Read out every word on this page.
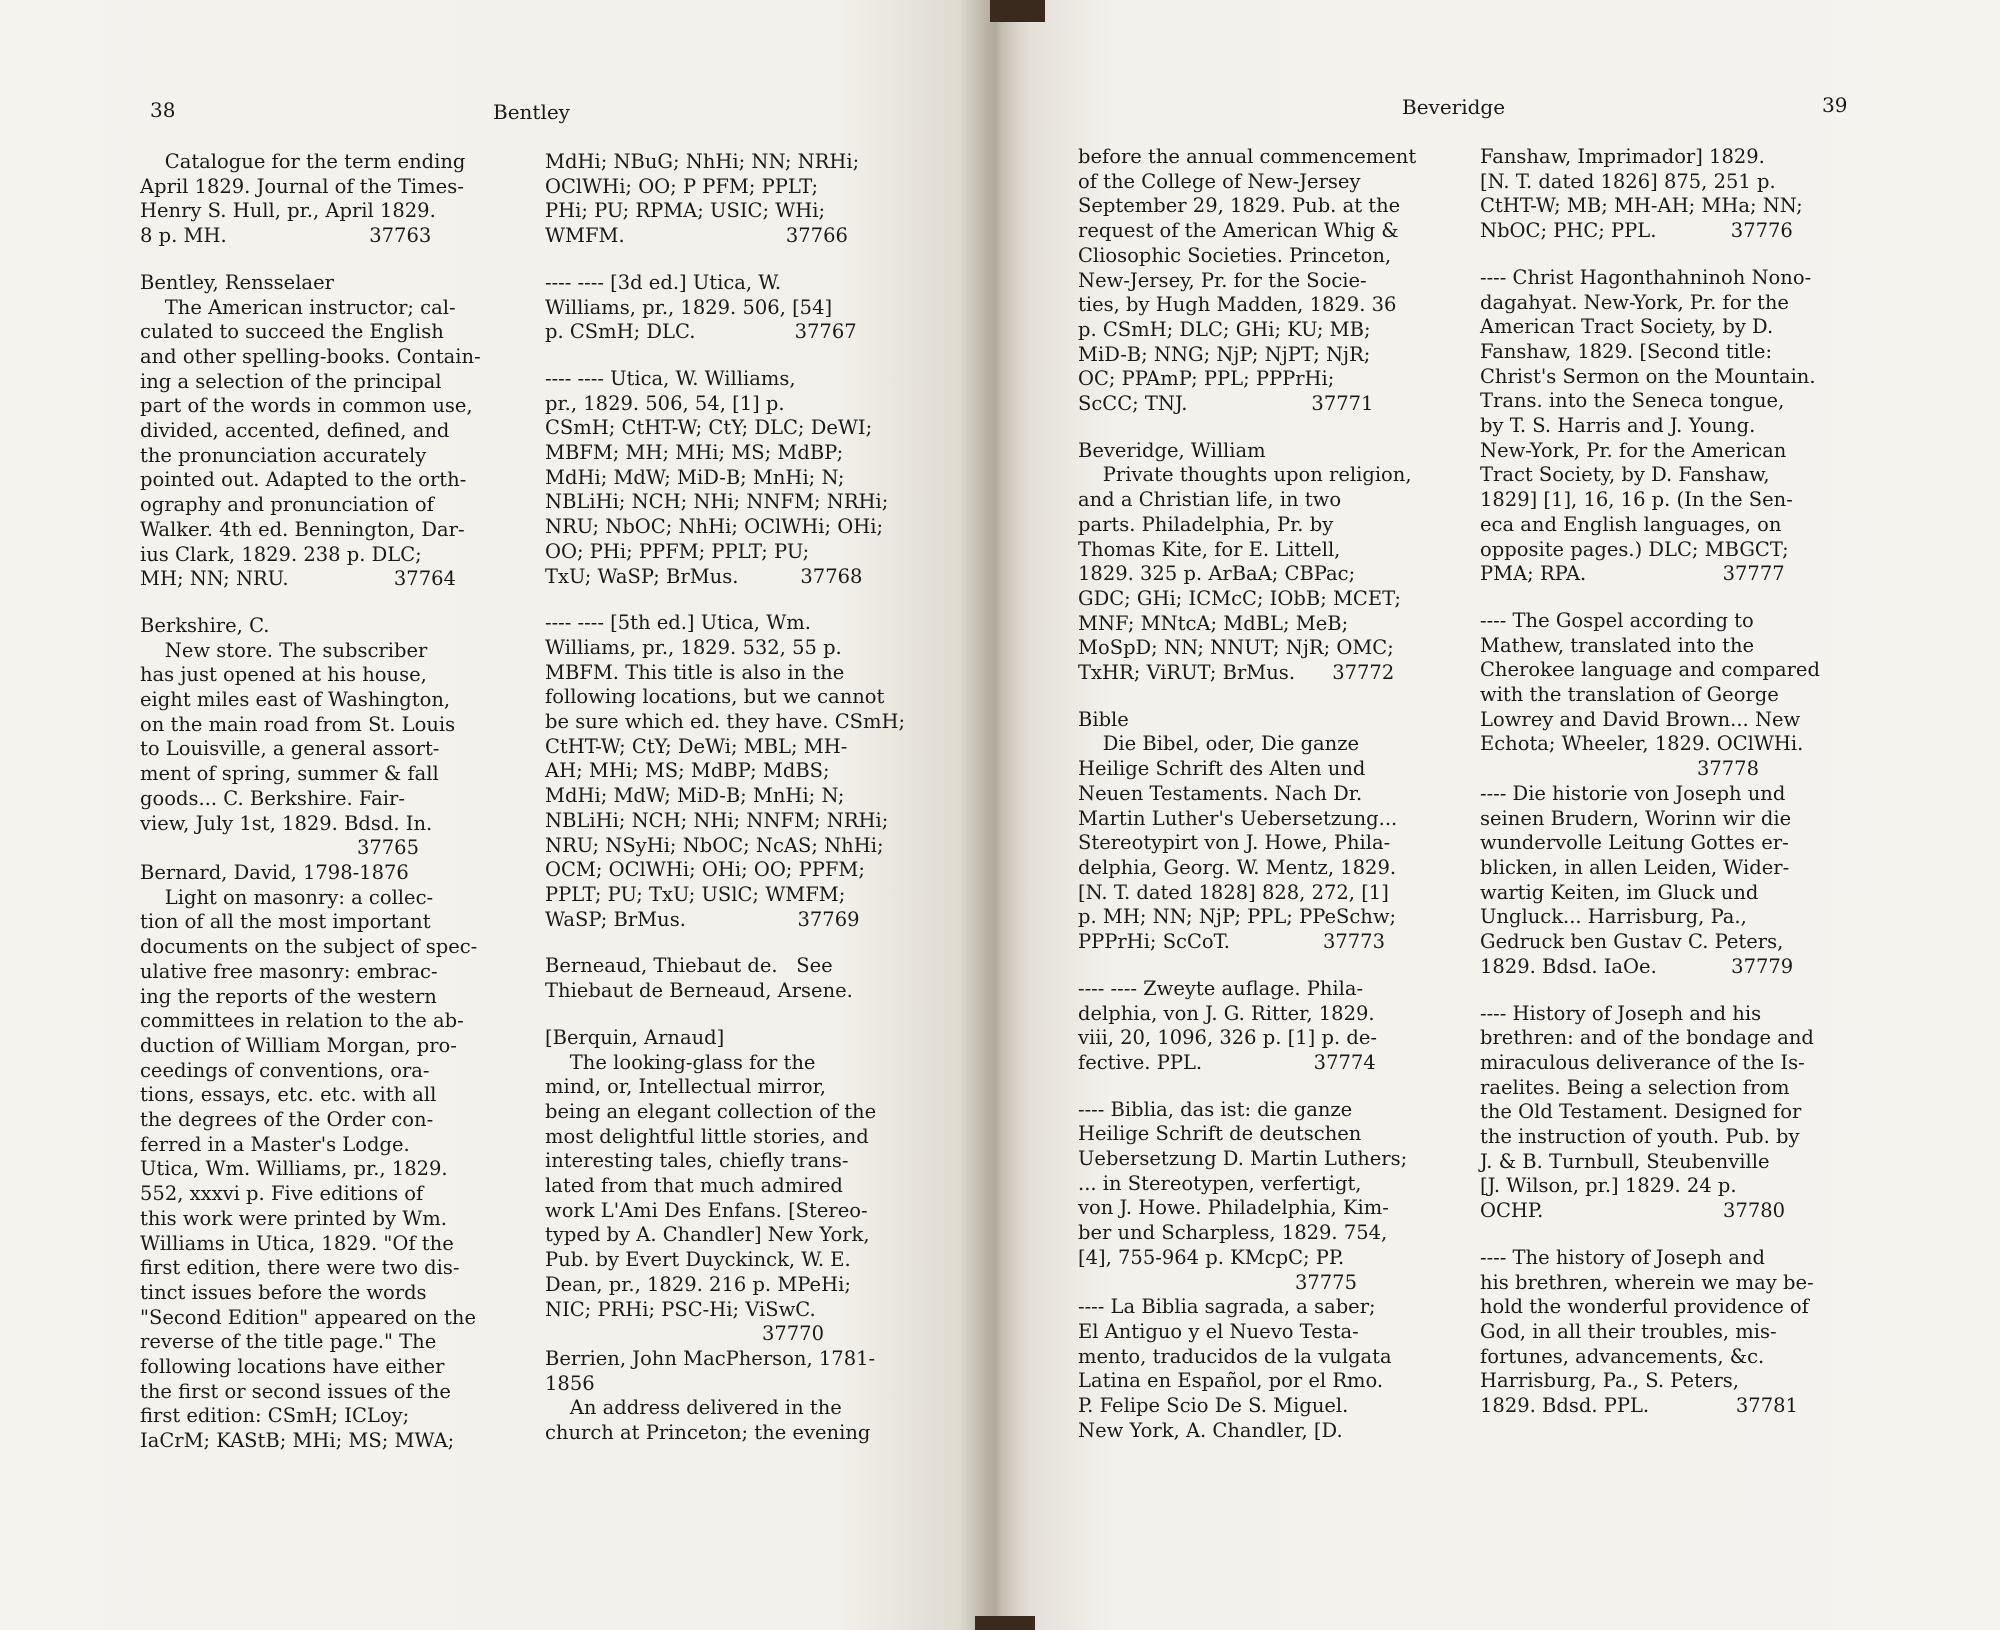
38	Bentley
Catalogue for the term ending
April 1829. Journal of the Times-
Henry S. Hull, pr., April 1829.
8 p. MH.                       37763
Bentley, Rensselaer
The American instructor; cal-
culated to succeed the English
and other spelling-books. Contain-
ing a selection of the principal
part of the words in common use,
divided, accented, defined, and
the pronunciation accurately
pointed out. Adapted to the orth-
ography and pronunciation of
Walker. 4th ed. Bennington, Dar-
ius Clark, 1829. 238 p. DLC;
MH; NN; NRU.                 37764
Berkshire, C.
New store. The subscriber
has just opened at his house,
eight miles east of Washington,
on the main road from St. Louis
to Louisville, a general assort-
ment of spring, summer & fall
goods... C. Berkshire. Fair-
view, July 1st, 1829. Bdsd. In.
37765
Bernard, David, 1798-1876
Light on masonry: a collec-
tion of all the most important
documents on the subject of spec-
ulative free masonry: embrac-
ing the reports of the western
committees in relation to the ab-
duction of William Morgan, pro-
ceedings of conventions, ora-
tions, essays, etc. etc. with all
the degrees of the Order con-
ferred in a Master's Lodge.
Utica, Wm. Williams, pr., 1829.
552, xxxvi p. Five editions of
this work were printed by Wm.
Williams in Utica, 1829. "Of the
first edition, there were two dis-
tinct issues before the words
"Second Edition" appeared on the
reverse of the title page." The
following locations have either
the first or second issues of the
first edition: CSmH; ICLoy;
IaCrM; KAStB; MHi; MS; MWA;
MdHi; NBuG; NhHi; NN; NRHi;
OClWHi; OO; P PFM; PPLT;
PHi; PU; RPMA; USIC; WHi;
WMFM.                          37766
---- ---- [3d ed.] Utica, W.
Williams, pr., 1829. 506, [54]
p. CSmH; DLC.                37767
---- ---- Utica, W. Williams,
pr., 1829. 506, 54, [1] p.
CSmH; CtHT-W; CtY; DLC; DeWI;
MBFM; MH; MHi; MS; MdBP;
MdHi; MdW; MiD-B; MnHi; N;
NBLiHi; NCH; NHi; NNFM; NRHi;
NRU; NbOC; NhHi; OClWHi; OHi;
OO; PHi; PPFM; PPLT; PU;
TxU; WaSP; BrMus.          37768
---- ---- [5th ed.] Utica, Wm.
Williams, pr., 1829. 532, 55 p.
MBFM. This title is also in the
following locations, but we cannot
be sure which ed. they have. CSmH;
CtHT-W; CtY; DeWi; MBL; MH-
AH; MHi; MS; MdBP; MdBS;
MdHi; MdW; MiD-B; MnHi; N;
NBLiHi; NCH; NHi; NNFM; NRHi;
NRU; NSyHi; NbOC; NcAS; NhHi;
OCM; OClWHi; OHi; OO; PPFM;
PPLT; PU; TxU; USlC; WMFM;
WaSP; BrMus.                  37769
Berneaud, Thiebaut de.   See
Thiebaut de Berneaud, Arsene.
[Berquin, Arnaud]
The looking-glass for the
mind, or, Intellectual mirror,
being an elegant collection of the
most delightful little stories, and
interesting tales, chiefly trans-
lated from that much admired
work L'Ami Des Enfans. [Stereo-
typed by A. Chandler] New York,
Pub. by Evert Duyckinck, W. E.
Dean, pr., 1829. 216 p. MPeHi;
NIC; PRHi; PSC-Hi; ViSwC.
37770
Berrien, John MacPherson, 1781-
1856
An address delivered in the
church at Princeton; the evening
Beveridge	39
before the annual commencement
of the College of New-Jersey
September 29, 1829. Pub. at the
request of the American Whig &
Cliosophic Societies. Princeton,
New-Jersey, Pr. for the Socie-
ties, by Hugh Madden, 1829. 36
p. CSmH; DLC; GHi; KU; MB;
MiD-B; NNG; NjP; NjPT; NjR;
OC; PPAmP; PPL; PPPrHi;
ScCC; TNJ.                    37771
Beveridge, William
Private thoughts upon religion,
and a Christian life, in two
parts. Philadelphia, Pr. by
Thomas Kite, for E. Littell,
1829. 325 p. ArBaA; CBPac;
GDC; GHi; ICMcC; IObB; MCET;
MNF; MNtcA; MdBL; MeB;
MoSpD; NN; NNUT; NjR; OMC;
TxHR; ViRUT; BrMus.      37772
Bible
Die Bibel, oder, Die ganze
Heilige Schrift des Alten und
Neuen Testaments. Nach Dr.
Martin Luther's Uebersetzung...
Stereotypirt von J. Howe, Phila-
delphia, Georg. W. Mentz, 1829.
[N. T. dated 1828] 828, 272, [1]
p. MH; NN; NjP; PPL; PPeSchw;
PPPrHi; ScCoT.               37773
---- ---- Zweyte auflage. Phila-
delphia, von J. G. Ritter, 1829.
viii, 20, 1096, 326 p. [1] p. de-
fective. PPL.                  37774
---- Biblia, das ist: die ganze
Heilige Schrift de deutschen
Uebersetzung D. Martin Luthers;
... in Stereotypen, verfertigt,
von J. Howe. Philadelphia, Kim-
ber und Scharpless, 1829. 754,
[4], 755-964 p. KMcpC; PP.
37775
---- La Biblia sagrada, a saber;
El Antiguo y el Nuevo Testa-
mento, traducidos de la vulgata
Latina en Español, por el Rmo.
P. Felipe Scio De S. Miguel.
New York, A. Chandler, [D.
Fanshaw, Imprimador] 1829.
[N. T. dated 1826] 875, 251 p.
CtHT-W; MB; MH-AH; MHa; NN;
NbOC; PHC; PPL.            37776
---- Christ Hagonthahninoh Nono-
dagahyat. New-York, Pr. for the
American Tract Society, by D.
Fanshaw, 1829. [Second title:
Christ's Sermon on the Mountain.
Trans. into the Seneca tongue,
by T. S. Harris and J. Young.
New-York, Pr. for the American
Tract Society, by D. Fanshaw,
1829] [1], 16, 16 p. (In the Sen-
eca and English languages, on
opposite pages.) DLC; MBGCT;
PMA; RPA.                      37777
---- The Gospel according to
Mathew, translated into the
Cherokee language and compared
with the translation of George
Lowrey and David Brown... New
Echota; Wheeler, 1829. OClWHi.
37778
---- Die historie von Joseph und
seinen Brudern, Worinn wir die
wundervolle Leitung Gottes er-
blicken, in allen Leiden, Wider-
wartig Keiten, im Gluck und
Ungluck... Harrisburg, Pa.,
Gedruck ben Gustav C. Peters,
1829. Bdsd. IaOe.            37779
---- History of Joseph and his
brethren: and of the bondage and
miraculous deliverance of the Is-
raelites. Being a selection from
the Old Testament. Designed for
the instruction of youth. Pub. by
J. & B. Turnbull, Steubenville
[J. Wilson, pr.] 1829. 24 p.
OCHP.                             37780
---- The history of Joseph and
his brethren, wherein we may be-
hold the wonderful providence of
God, in all their troubles, mis-
fortunes, advancements, &c.
Harrisburg, Pa., S. Peters,
1829. Bdsd. PPL.              37781
